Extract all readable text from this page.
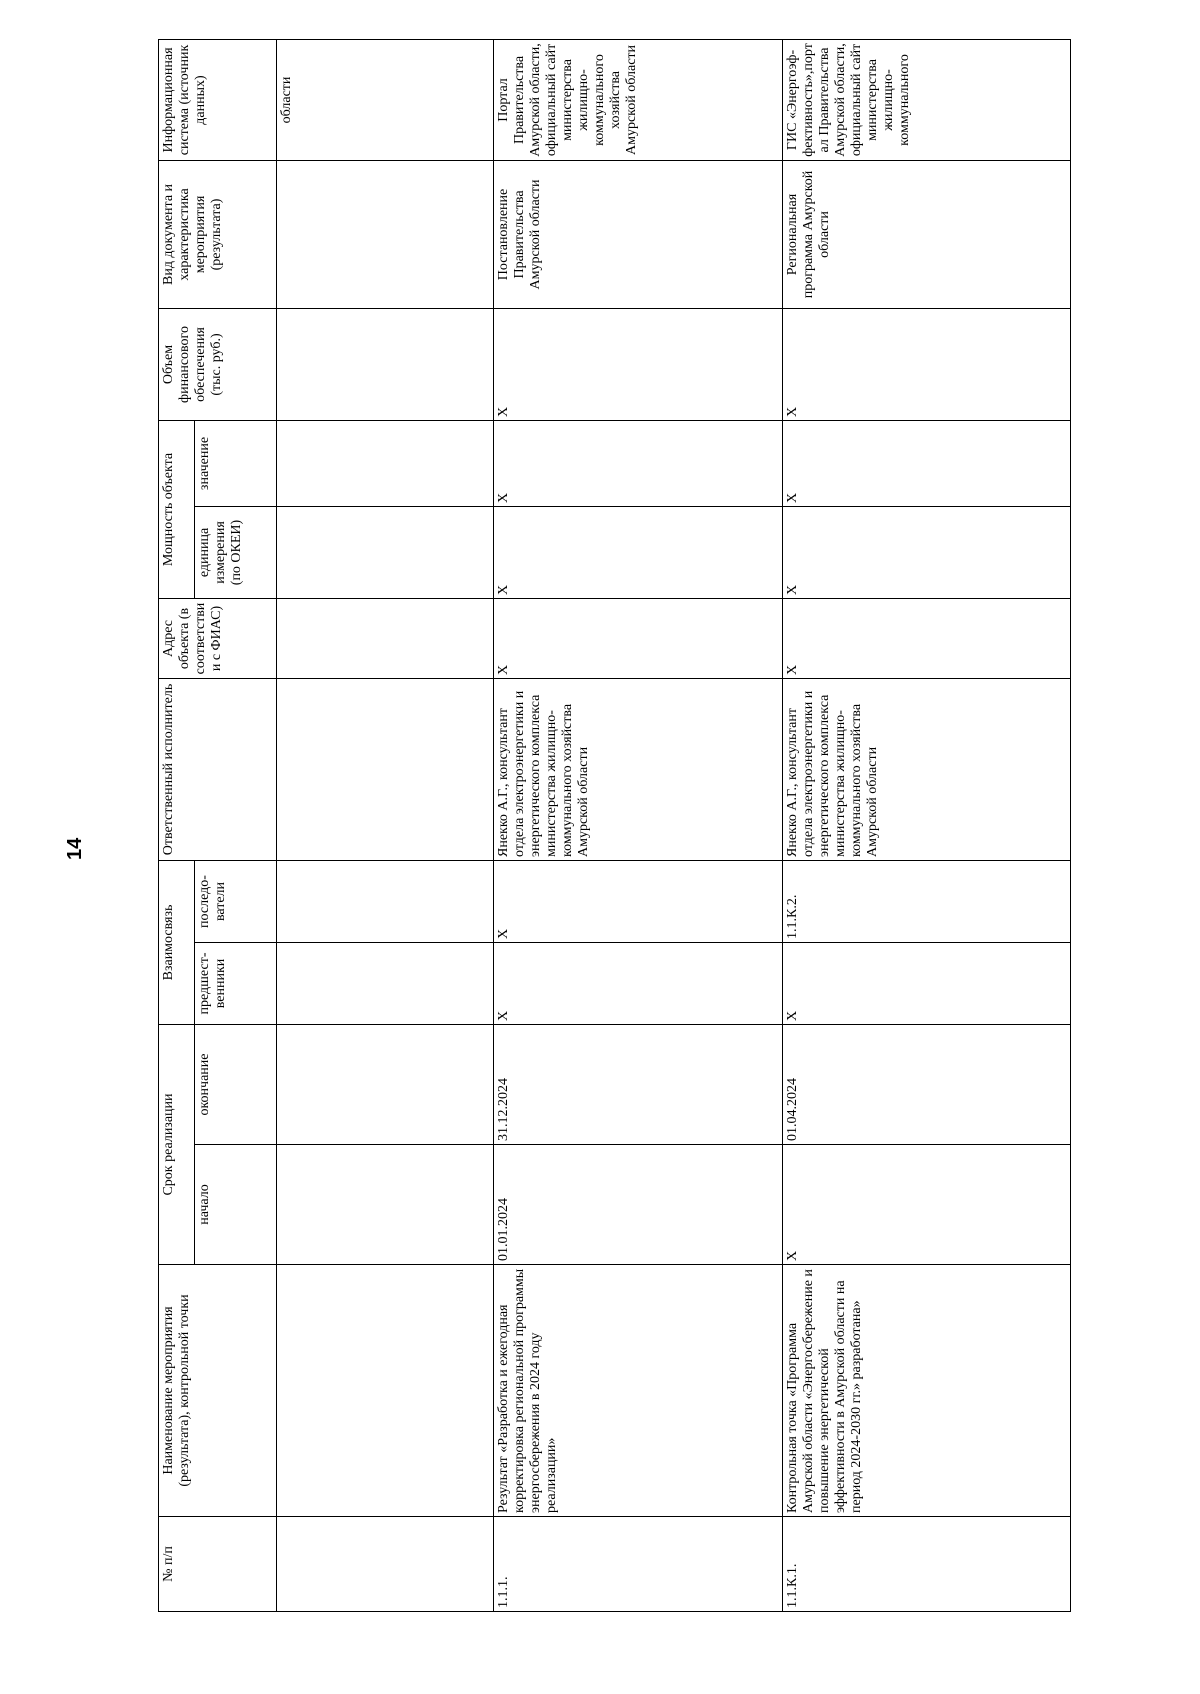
14
№ п/п	Наименование мероприятия (результата), контрольной точки	Срок реализации		Взаимосвязь		Ответственный исполнитель	Адрес объекта (в соответствии с ФИАС)	Мощность объекта		Объем финансового обеспечения (тыс. руб.)	Вид документа и характеристика мероприятия (результата)	Информационная система (источник данных)
		начало	окончание	предшест-венники	последо-ватели			единица измерения (по ОКЕИ)	значение			
												области
1.1.1.	Результат «Разработка и ежегодная корректировка региональной программы энергосбережения в 2024 году реализации»	01.01.2024	31.12.2024	X	X	Янекко А.Г., консультант отдела электроэнергетики и энергетического комплекса министерства жилищно-коммунального хозяйства Амурской области	X	X	X	X	Постановление Правительства Амурской области	Портал Правительства Амурской области, официальный сайт министерства жилищно-коммунального хозяйства Амурской области
1.1.К.1.	Контрольная точка «Программа Амурской области «Энергосбережение и повышение энергетической эффективности в Амурской области на период 2024-2030 гг.» разработана»	X	01.04.2024	X	1.1.К.2.	Янекко А.Г., консультант отдела электроэнергетики и энергетического комплекса министерства жилищно-коммунального хозяйства Амурской области	X	X	X	X	Региональная программа Амурской области	ГИС «Энергоэф-фективность»,портал Правительства Амурской области, официальный сайт министерства жилищно-коммунального
